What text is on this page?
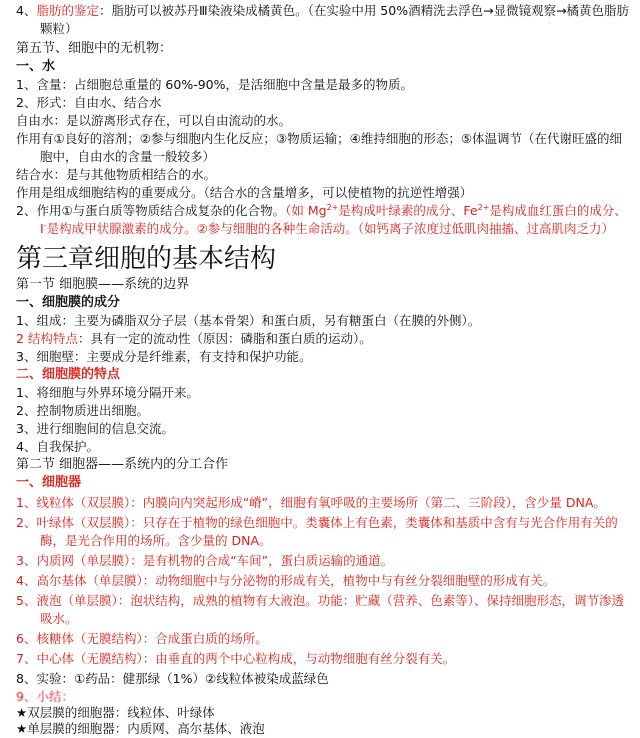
4、脂肪的鉴定：脂肪可以被苏丹Ⅲ染液染成橘黄色。（在实验中用 50%酒精洗去浮色→显微镜观察→橘黄色脂肪颗粒）
第五节、细胞中的无机物：
一、水
1、含量：占细胞总重量的 60%-90%，是活细胞中含量是最多的物质。
2、形式：自由水、结合水
自由水：是以游离形式存在，可以自由流动的水。
作用有①良好的溶剂；②参与细胞内生化反应；③物质运输；④维持细胞的形态；⑤体温调节（在代谢旺盛的细胞中，自由水的含量一般较多）
结合水：是与其他物质相结合的水。
作用是组成细胞结构的重要成分。（结合水的含量增多，可以使植物的抗逆性增强）
2、作用①与蛋白质等物质结合成复杂的化合物。（如 $Mg^{2+}$是构成叶绿素的成分、$Fe^{2+}$是构成血红蛋白的成分、I-是构成甲状腺激素的成分。②参与细胞的各种生命活动。（如钙离子浓度过低肌肉抽搐、过高肌肉乏力）
第三章细胞的基本结构
第一节 细胞膜——系统的边界
一、细胞膜的成分
1、组成：主要为磷脂双分子层（基本骨架）和蛋白质，另有糖蛋白（在膜的外侧）。
2 结构特点：具有一定的流动性（原因：磷脂和蛋白质的运动）。
3、细胞壁：主要成分是纤维素，有支持和保护功能。
二、细胞膜的特点
1、将细胞与外界环境分隔开来。
2、控制物质进出细胞。
3、进行细胞间的信息交流。
4、自我保护。
第二节 细胞器——系统内的分工合作
一、细胞器
1、线粒体（双层膜）：内膜向内突起形成“嵴”，细胞有氧呼吸的主要场所（第二、三阶段），含少量 DNA。
2、叶绿体（双层膜）：只存在于植物的绿色细胞中。类囊体上有色素，类囊体和基质中含有与光合作用有关的酶，是光合作用的场所。含少量的 DNA。
3、内质网（单层膜）：是有机物的合成“车间”，蛋白质运输的通道。
4、高尔基体（单层膜）：动物细胞中与分泌物的形成有关，植物中与有丝分裂细胞壁的形成有关。
5、液泡（单层膜）：泡状结构，成熟的植物有大液泡。功能：贮藏（营养、色素等）、保持细胞形态，调节渗透吸水。
6、核糖体（无膜结构）：合成蛋白质的场所。
7、中心体（无膜结构）：由垂直的两个中心粒构成，与动物细胞有丝分裂有关。
8、实验：①药品：健那绿（1%）②线粒体被染成蓝绿色
9、小结：
★双层膜的细胞器：线粒体、叶绿体
★单层膜的细胞器：内质网、高尔基体、液泡
